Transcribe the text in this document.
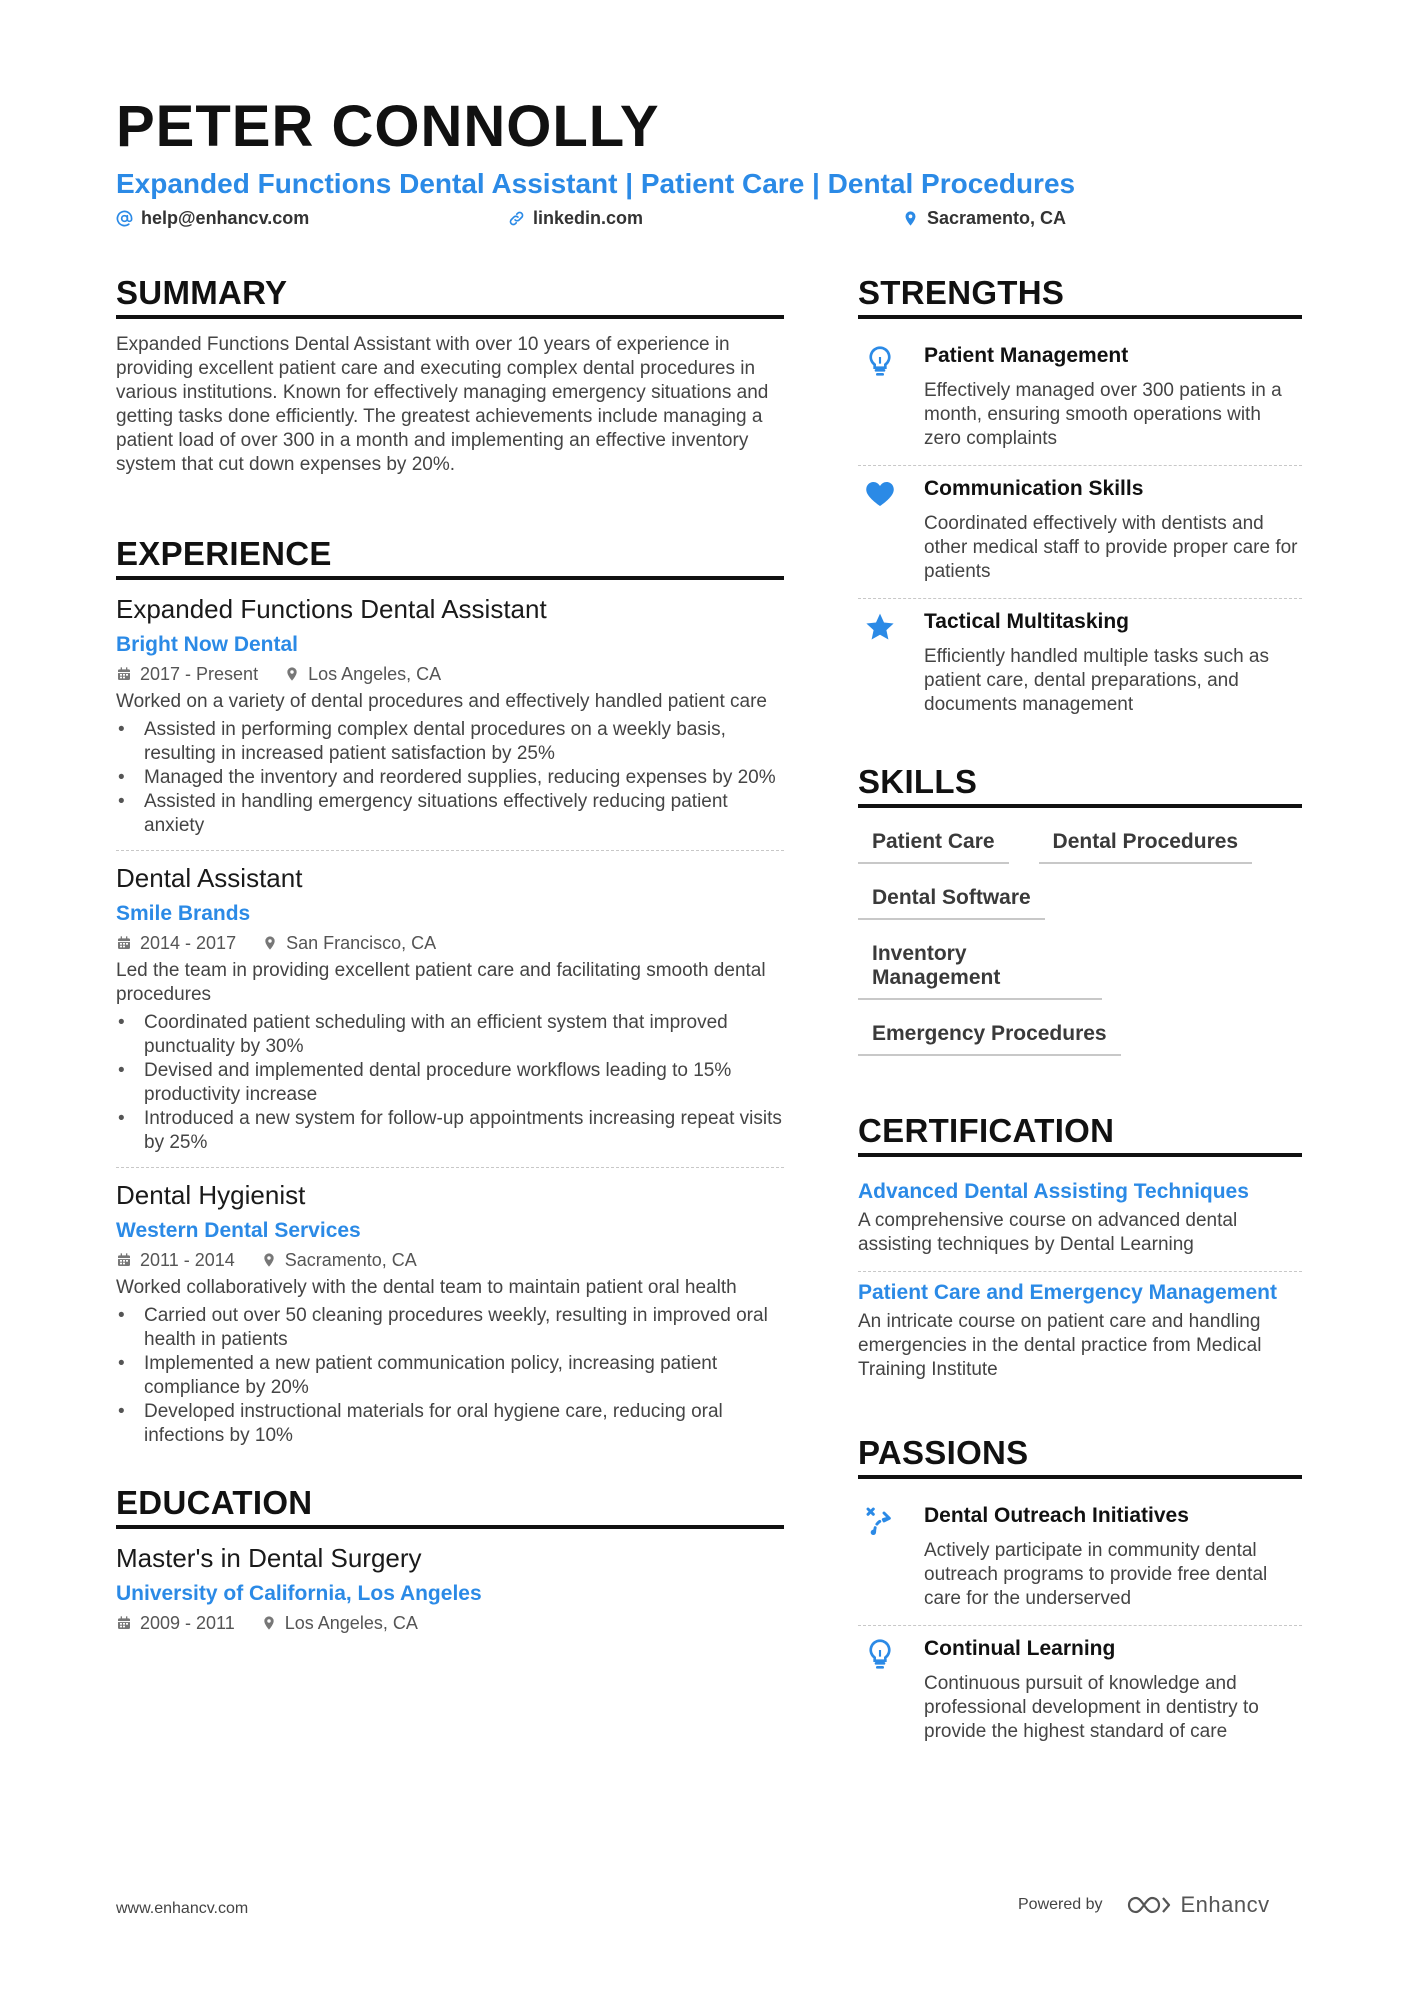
PETER CONNOLLY
Expanded Functions Dental Assistant | Patient Care | Dental Procedures
help@enhancv.com	linkedin.com	Sacramento, CA
SUMMARY
Expanded Functions Dental Assistant with over 10 years of experience in providing excellent patient care and executing complex dental procedures in various institutions. Known for effectively managing emergency situations and getting tasks done efficiently. The greatest achievements include managing a patient load of over 300 in a month and implementing an effective inventory system that cut down expenses by 20%.
EXPERIENCE
Expanded Functions Dental Assistant
Bright Now Dental
2017 - Present	Los Angeles, CA
Worked on a variety of dental procedures and effectively handled patient care
• Assisted in performing complex dental procedures on a weekly basis, resulting in increased patient satisfaction by 25%
• Managed the inventory and reordered supplies, reducing expenses by 20%
• Assisted in handling emergency situations effectively reducing patient anxiety
Dental Assistant
Smile Brands
2014 - 2017	San Francisco, CA
Led the team in providing excellent patient care and facilitating smooth dental procedures
• Coordinated patient scheduling with an efficient system that improved punctuality by 30%
• Devised and implemented dental procedure workflows leading to 15% productivity increase
• Introduced a new system for follow-up appointments increasing repeat visits by 25%
Dental Hygienist
Western Dental Services
2011 - 2014	Sacramento, CA
Worked collaboratively with the dental team to maintain patient oral health
• Carried out over 50 cleaning procedures weekly, resulting in improved oral health in patients
• Implemented a new patient communication policy, increasing patient compliance by 20%
• Developed instructional materials for oral hygiene care, reducing oral infections by 10%
EDUCATION
Master's in Dental Surgery
University of California, Los Angeles
2009 - 2011	Los Angeles, CA
STRENGTHS
Patient Management
Effectively managed over 300 patients in a month, ensuring smooth operations with zero complaints
Communication Skills
Coordinated effectively with dentists and other medical staff to provide proper care for patients
Tactical Multitasking
Efficiently handled multiple tasks such as patient care, dental preparations, and documents management
SKILLS
Patient Care	Dental Procedures
Dental Software
Inventory Management
Emergency Procedures
CERTIFICATION
Advanced Dental Assisting Techniques
A comprehensive course on advanced dental assisting techniques by Dental Learning
Patient Care and Emergency Management
An intricate course on patient care and handling emergencies in the dental practice from Medical Training Institute
PASSIONS
Dental Outreach Initiatives
Actively participate in community dental outreach programs to provide free dental care for the underserved
Continual Learning
Continuous pursuit of knowledge and professional development in dentistry to provide the highest standard of care
www.enhancv.com	Powered by	Enhancv
